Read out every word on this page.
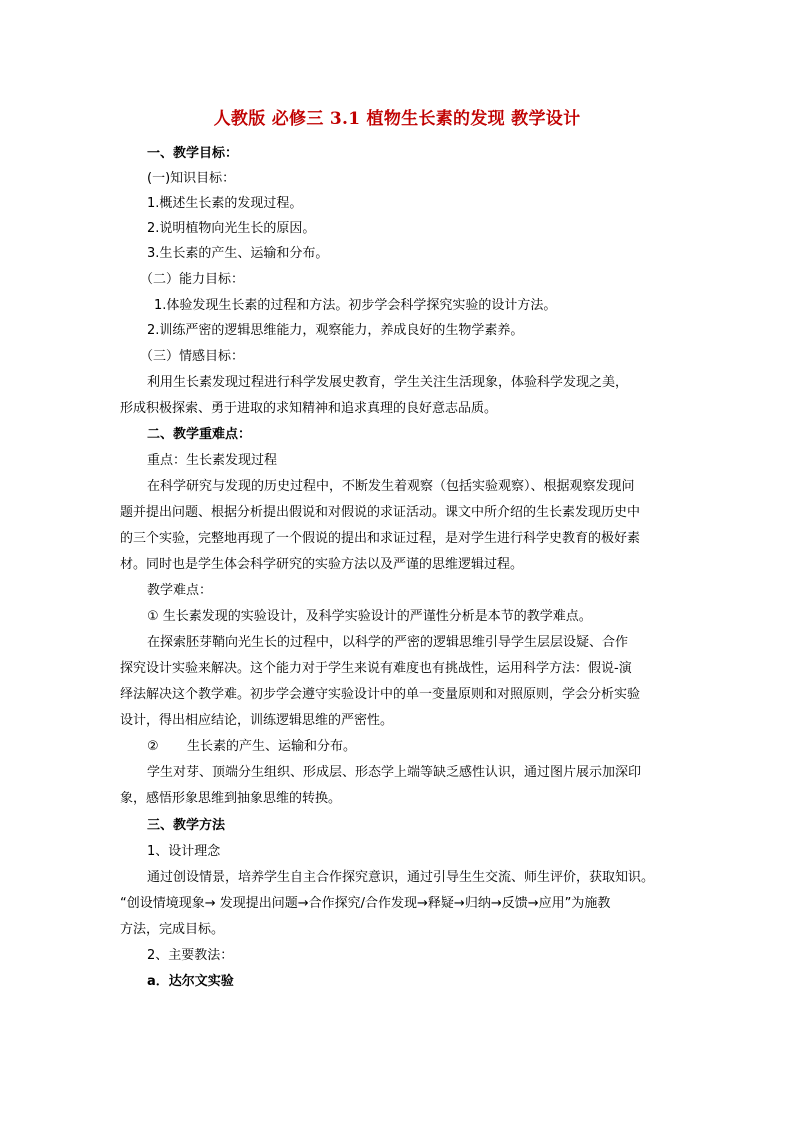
人教版 必修三 3.1 植物生长素的发现 教学设计
一、教学目标：
(一)知识目标：
1.概述生长素的发现过程。
2.说明植物向光生长的原因。
3.生长素的产生、运输和分布。
（二）能力目标：
1.体验发现生长素的过程和方法。初步学会科学探究实验的设计方法。
2.训练严密的逻辑思维能力，观察能力，养成良好的生物学素养。
（三）情感目标：
利用生长素发现过程进行科学发展史教育，学生关注生活现象，体验科学发现之美，
形成积极探索、勇于进取的求知精神和追求真理的良好意志品质。
二、教学重难点：
重点：生长素发现过程
在科学研究与发现的历史过程中，不断发生着观察（包括实验观察）、根据观察发现问
题并提出问题、根据分析提出假说和对假说的求证活动。课文中所介绍的生长素发现历史中
的三个实验，完整地再现了一个假说的提出和求证过程，是对学生进行科学史教育的极好素
材。同时也是学生体会科学研究的实验方法以及严谨的思维逻辑过程。
教学难点：
① 生长素发现的实验设计，及科学实验设计的严谨性分析是本节的教学难点。
在探索胚芽鞘向光生长的过程中，以科学的严密的逻辑思维引导学生层层设疑、合作
探究设计实验来解决。这个能力对于学生来说有难度也有挑战性，运用科学方法：假说-演
绎法解决这个教学难。初步学会遵守实验设计中的单一变量原则和对照原则，学会分析实验
设计，得出相应结论，训练逻辑思维的严密性。
② 生长素的产生、运输和分布。
学生对芽、顶端分生组织、形成层、形态学上端等缺乏感性认识，通过图片展示加深印
象，感悟形象思维到抽象思维的转换。
三、教学方法
1、设计理念
通过创设情景，培养学生自主合作探究意识，通过引导生生交流、师生评价，获取知识。
“创设情境现象→ 发现提出问题→合作探究/合作发现→释疑→归纳→反馈→应用”为施教
方法，完成目标。
2、主要教法：
a．达尔文实验
